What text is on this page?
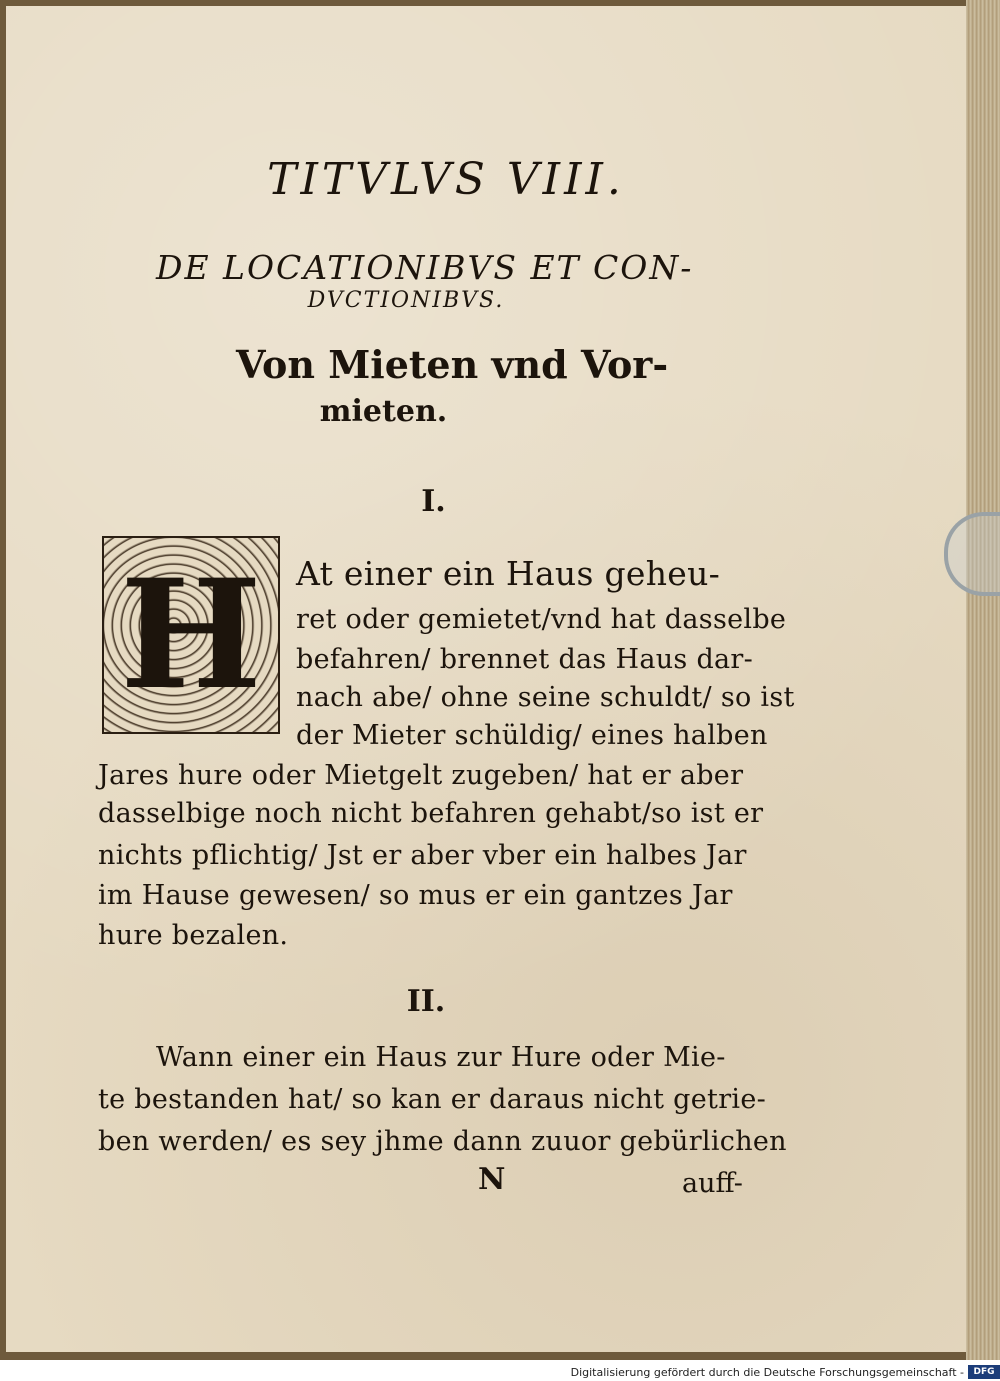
TITVLVS VIII.
DE LOCATIONIBVS ET CON-
DVCTIONIBVS.
Von Mieten vnd Vor-
mieten.
I.
H	At einer ein Haus geheu-
ret oder gemietet/vnd hat dasselbe
befahren/ brennet das Haus dar-
nach abe/ ohne seine schuldt/ so ist
der Mieter schüldig/ eines halben
Jares hure oder Mietgelt zugeben/ hat er aber
dasselbige noch nicht befahren gehabt/so ist er
nichts pflichtig/ Jst er aber vber ein halbes Jar
im Hause gewesen/ so mus er ein gantzes Jar
hure bezalen.
II.
Wann einer ein Haus zur Hure oder Mie-
te bestanden hat/ so kan er daraus nicht getrie-
ben werden/ es sey jhme dann zuuor gebürlichen
N	auff-
Digitalisierung gefördert durch die Deutsche Forschungsgemeinschaft -	DFG
